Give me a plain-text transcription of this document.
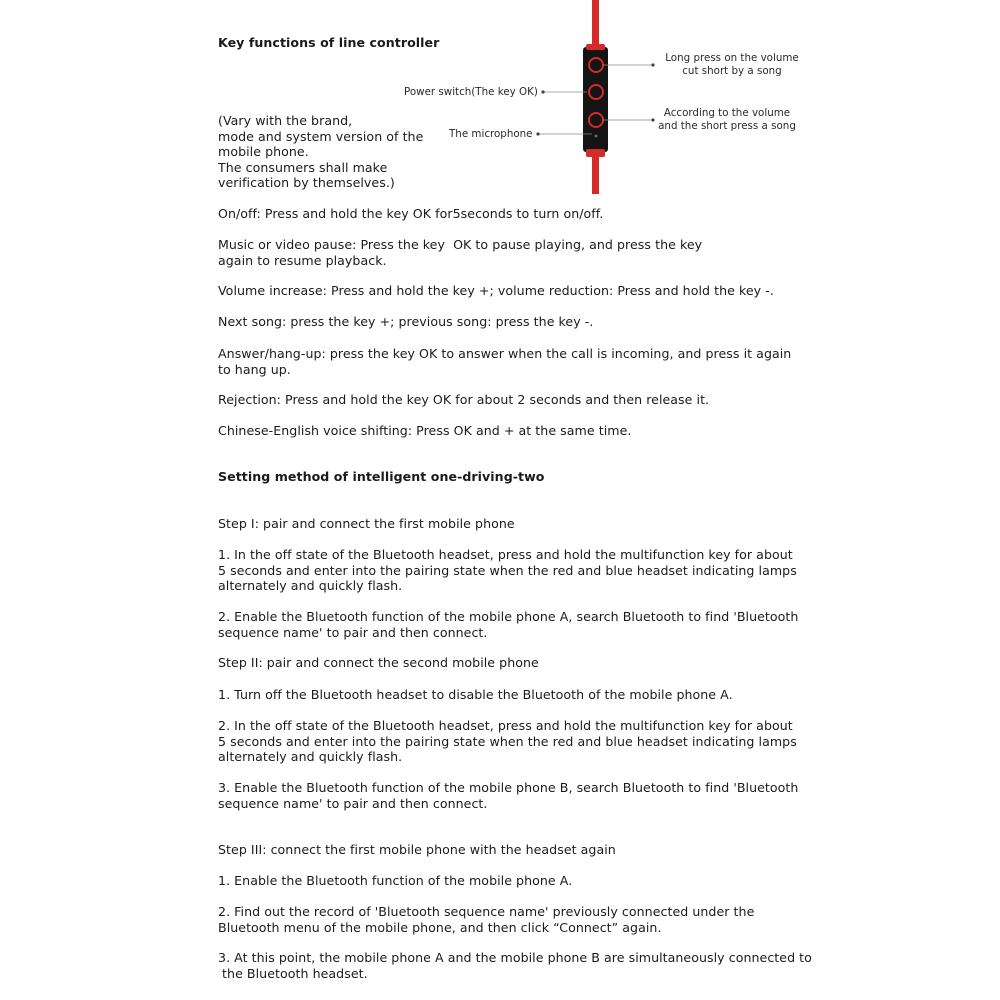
Key functions of line controller
(Vary with the brand,
mode and system version of the
mobile phone.
The consumers shall make
verification by themselves.)
Power switch(The key OK)
The microphone
Long press on the volume
cut short by a song
According to the volume
and the short press a song
On/off: Press and hold the key OK for5seconds to turn on/off.
Music or video pause: Press the key  OK to pause playing, and press the key
again to resume playback.
Volume increase: Press and hold the key +; volume reduction: Press and hold the key -.
Next song: press the key +; previous song: press the key -.
Answer/hang-up: press the key OK to answer when the call is incoming, and press it again
to hang up.
Rejection: Press and hold the key OK for about 2 seconds and then release it.
Chinese-English voice shifting: Press OK and + at the same time.
Setting method of intelligent one-driving-two
Step I: pair and connect the first mobile phone
1. In the off state of the Bluetooth headset, press and hold the multifunction key for about
5 seconds and enter into the pairing state when the red and blue headset indicating lamps
alternately and quickly flash.
2. Enable the Bluetooth function of the mobile phone A, search Bluetooth to find 'Bluetooth
sequence name' to pair and then connect.
Step II: pair and connect the second mobile phone
1. Turn off the Bluetooth headset to disable the Bluetooth of the mobile phone A.
2. In the off state of the Bluetooth headset, press and hold the multifunction key for about
5 seconds and enter into the pairing state when the red and blue headset indicating lamps
alternately and quickly flash.
3. Enable the Bluetooth function of the mobile phone B, search Bluetooth to find 'Bluetooth
sequence name' to pair and then connect.
Step III: connect the first mobile phone with the headset again
1. Enable the Bluetooth function of the mobile phone A.
2. Find out the record of 'Bluetooth sequence name' previously connected under the
Bluetooth menu of the mobile phone, and then click “Connect” again.
3. At this point, the mobile phone A and the mobile phone B are simultaneously connected to
the Bluetooth headset.
